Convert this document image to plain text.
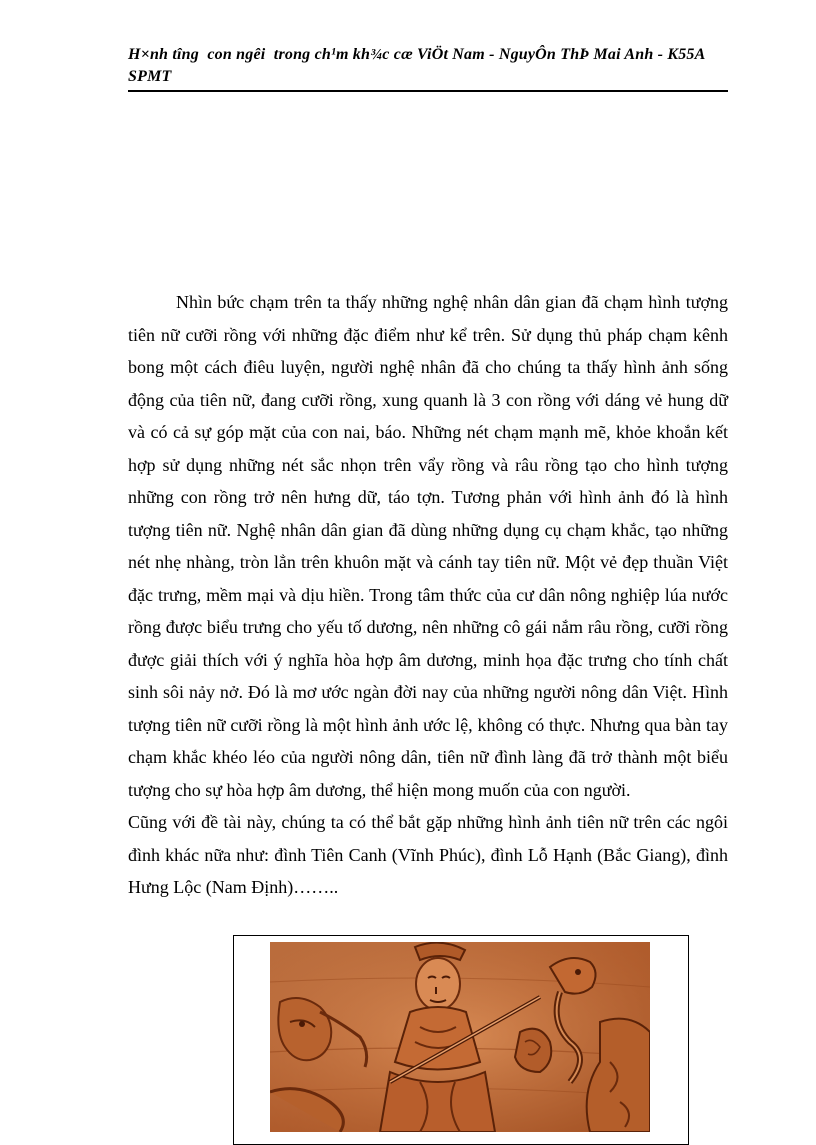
H×nh tîng  con ngêi  trong ch¹m kh¾c cæ ViÖt Nam - NguyÔn ThÞ Mai Anh - K55A SPMT

Nhìn bức chạm trên ta thấy những nghệ nhân dân gian đã chạm hình tượng tiên nữ cưỡi rồng với những đặc điểm như kể trên. Sử dụng thủ pháp chạm kênh bong một cách điêu luyện, người nghệ nhân đã cho chúng ta thấy hình ảnh sống động của tiên nữ, đang cưỡi rồng, xung quanh là 3 con rồng với dáng vẻ hung dữ và có cả sự góp mặt của con nai, báo. Những nét chạm mạnh mẽ, khỏe khoắn kết hợp sử dụng những nét sắc nhọn trên vẩy rồng và râu rồng tạo cho hình tượng những con rồng trở nên hưng dữ, táo tợn. Tương phản với hình ảnh đó là hình tượng tiên nữ. Nghệ nhân dân gian đã dùng những dụng cụ chạm khắc, tạo những nét nhẹ nhàng, tròn lẳn trên khuôn mặt và cánh tay tiên nữ. Một vẻ đẹp thuần Việt đặc trưng, mềm mại và dịu hiền. Trong tâm thức của cư dân nông nghiệp lúa nước rồng được biểu trưng cho yếu tố dương, nên những cô gái nắm râu rồng, cưỡi rồng được giải thích với ý nghĩa hòa hợp âm dương, minh họa đặc trưng cho tính chất sinh sôi nảy nở. Đó là mơ ước ngàn đời nay của những người nông dân Việt. Hình tượng tiên nữ cưỡi rồng là một hình ảnh ước lệ, không có thực. Nhưng qua bàn tay chạm khắc khéo léo của người nông dân, tiên nữ đình làng đã trở thành một biểu tượng cho sự hòa hợp âm dương, thể hiện mong muốn của con người.

Cũng với đề tài này, chúng ta có thể bắt gặp những hình ảnh tiên nữ trên các ngôi đình khác nữa như: đình Tiên Canh (Vĩnh Phúc), đình Lỗ Hạnh (Bắc Giang), đình Hưng Lộc (Nam Định)……..
